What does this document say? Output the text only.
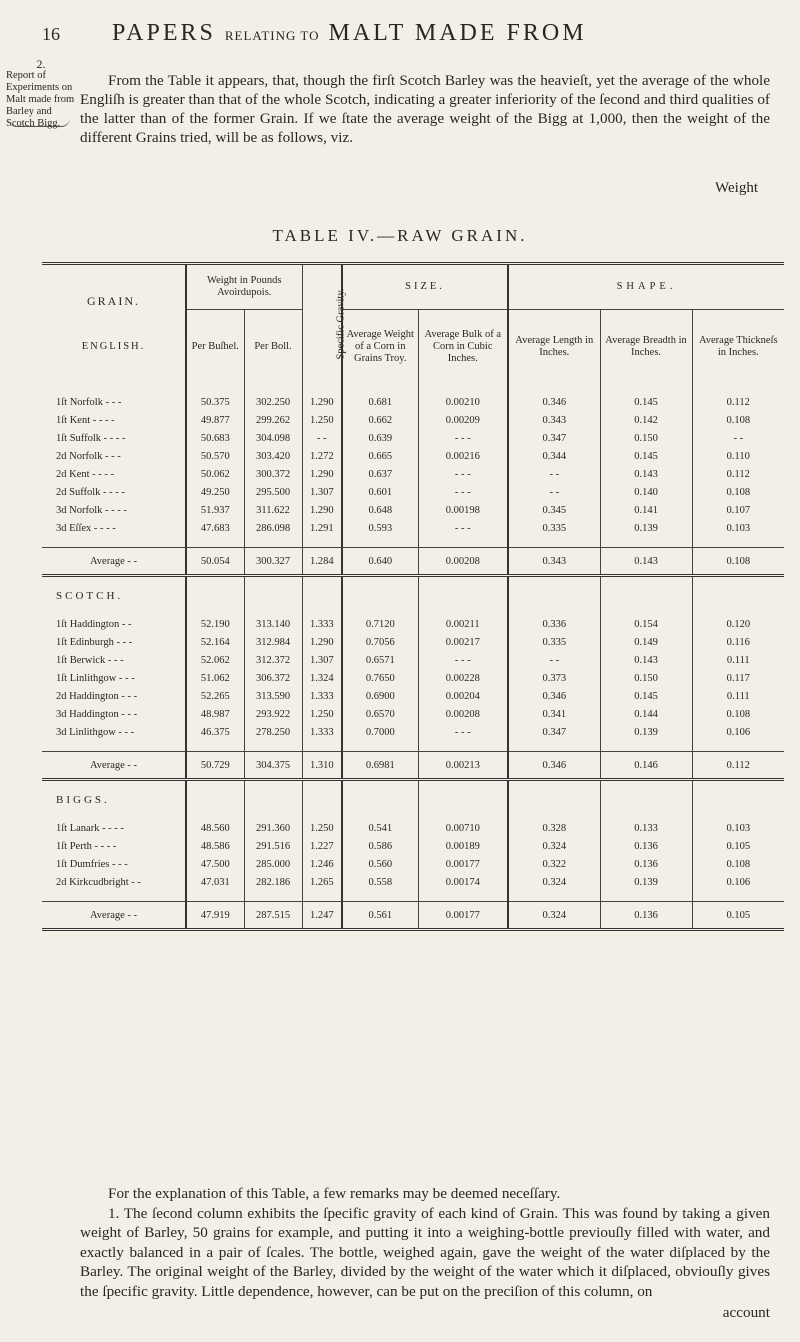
16 PAPERS RELATING TO MALT MADE FROM
2.
Report of Experiments on Malt made from Barley and Scotch Bigg.

From the Table it appears, that, though the firſt Scotch Barley was the heavieſt, yet the average of the whole Engliſh is greater than that of the whole Scotch, indicating a greater inferiority of the ſecond and third qualities of the latter than of the former Grain. If we ſtate the average weight of the Bigg at 1,000, then the weight of the different Grains tried, will be as follows, viz.

Weight
TABLE IV.—RAW GRAIN.
GRAIN.
ENGLISH.	Weight in Pounds Avoirdupois.		Specific Gravity.	SIZE.		SHAPE.		
	Per Buſhel.	Per Boll.		Average Weight of a Corn in Grains Troy.	Average Bulk of a Corn in Cubic Inches.	Average Length in Inches.	Average Breadth in Inches.	Average Thickneſs in Inches.

1ſt Norfolk - - -	50.375	302.250	1.290	0.681	0.00210	0.346	0.145	0.112
1ſt Kent - - - -	49.877	299.262	1.250	0.662	0.00209	0.343	0.142	0.108
1ſt Suffolk - - - -	50.683	304.098	- -	0.639	- - -	0.347	0.150	- -
2d Norfolk - - -	50.570	303.420	1.272	0.665	0.00216	0.344	0.145	0.110
2d Kent - - - -	50.062	300.372	1.290	0.637	- - -	- -	0.143	0.112
2d Suffolk - - - -	49.250	295.500	1.307	0.601	- - -	- -	0.140	0.108
3d Norfolk - - - -	51.937	311.622	1.290	0.648	0.00198	0.345	0.141	0.107
3d Eſſex - - - -	47.683	286.098	1.291	0.593	- - -	0.335	0.139	0.103

Average - -	50.054	300.327	1.284	0.640	0.00208	0.343	0.143	0.108
SCOTCH.								
1ſt Haddington - -	52.190	313.140	1.333	0.7120	0.00211	0.336	0.154	0.120
1ſt Edinburgh - - -	52.164	312.984	1.290	0.7056	0.00217	0.335	0.149	0.116
1ſt Berwick - - -	52.062	312.372	1.307	0.6571	- - -	- -	0.143	0.111
1ſt Linlithgow - - -	51.062	306.372	1.324	0.7650	0.00228	0.373	0.150	0.117
2d Haddington - - -	52.265	313.590	1.333	0.6900	0.00204	0.346	0.145	0.111
3d Haddington - - -	48.987	293.922	1.250	0.6570	0.00208	0.341	0.144	0.108
3d Linlithgow - - -	46.375	278.250	1.333	0.7000	- - -	0.347	0.139	0.106

Average - -	50.729	304.375	1.310	0.6981	0.00213	0.346	0.146	0.112
BIGGS.								
1ſt Lanark - - - -	48.560	291.360	1.250	0.541	0.00710	0.328	0.133	0.103
1ſt Perth - - - -	48.586	291.516	1.227	0.586	0.00189	0.324	0.136	0.105
1ſt Dumfries - - -	47.500	285.000	1.246	0.560	0.00177	0.322	0.136	0.108
2d Kirkcudbright - -	47.031	282.186	1.265	0.558	0.00174	0.324	0.139	0.106

Average - -	47.919	287.515	1.247	0.561	0.00177	0.324	0.136	0.105
For the explanation of this Table, a few remarks may be deemed neceſſary.
1. The ſecond column exhibits the ſpecific gravity of each kind of Grain. This was found by taking a given weight of Barley, 50 grains for example, and putting it into a weighing-bottle previouſly filled with water, and exactly balanced in a pair of ſcales. The bottle, weighed again, gave the weight of the water diſplaced by the Barley. The original weight of the Barley, divided by the weight of the water which it diſplaced, obviouſly gives the ſpecific gravity. Little dependence, however, can be put on the preciſion of this column, on
account
